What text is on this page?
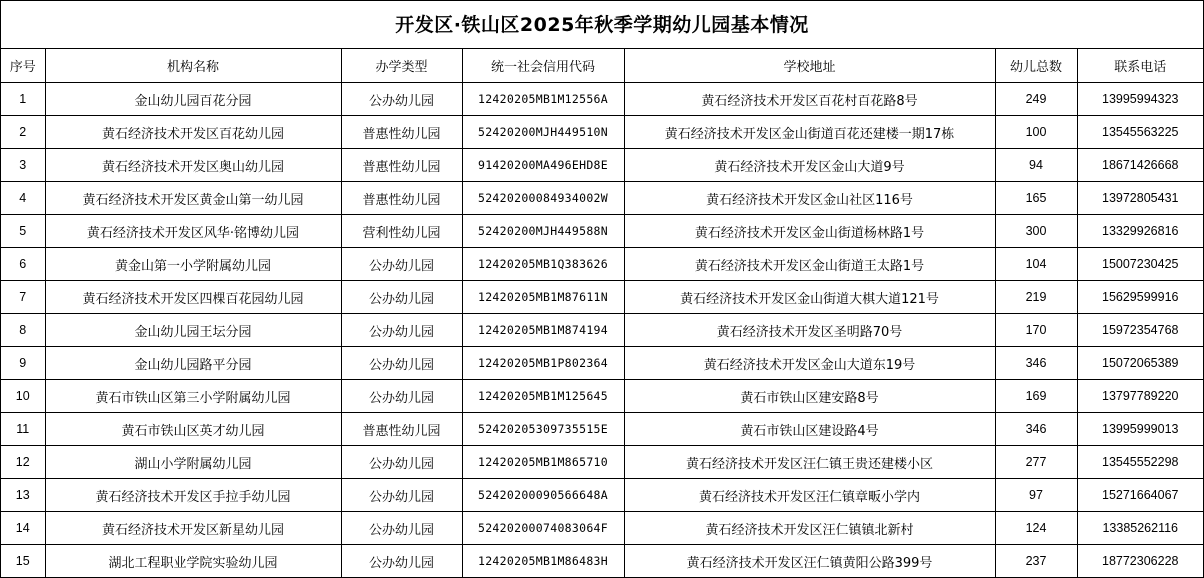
开发区·铁山区2025年秋季学期幼儿园基本情况
序号	机构名称	办学类型	统一社会信用代码	学校地址	幼儿总数	联系电话
1	金山幼儿园百花分园	公办幼儿园	12420205MB1M12556A	黄石经济技术开发区百花村百花路8号	249	13995994323
2	黄石经济技术开发区百花幼儿园	普惠性幼儿园	52420200MJH449510N	黄石经济技术开发区金山街道百花还建楼一期17栋	100	13545563225
3	黄石经济技术开发区奥山幼儿园	普惠性幼儿园	91420200MA496EHD8E	黄石经济技术开发区金山大道9号	94	18671426668
4	黄石经济技术开发区黄金山第一幼儿园	普惠性幼儿园	52420200084934002W	黄石经济技术开发区金山社区116号	165	13972805431
5	黄石经济技术开发区风华·铭博幼儿园	营利性幼儿园	52420200MJH449588N	黄石经济技术开发区金山街道杨林路1号	300	13329926816
6	黄金山第一小学附属幼儿园	公办幼儿园	12420205MB1Q383626	黄石经济技术开发区金山街道王太路1号	104	15007230425
7	黄石经济技术开发区四棵百花园幼儿园	公办幼儿园	12420205MB1M87611N	黄石经济技术开发区金山街道大棋大道121号	219	15629599916
8	金山幼儿园王坛分园	公办幼儿园	12420205MB1M874194	黄石经济技术开发区圣明路70号	170	15972354768
9	金山幼儿园路平分园	公办幼儿园	12420205MB1P802364	黄石经济技术开发区金山大道东19号	346	15072065389
10	黄石市铁山区第三小学附属幼儿园	公办幼儿园	12420205MB1M125645	黄石市铁山区建安路8号	169	13797789220
11	黄石市铁山区英才幼儿园	普惠性幼儿园	52420205309735515E	黄石市铁山区建设路4号	346	13995999013
12	湖山小学附属幼儿园	公办幼儿园	12420205MB1M865710	黄石经济技术开发区汪仁镇王贵还建楼小区	277	13545552298
13	黄石经济技术开发区手拉手幼儿园	公办幼儿园	52420200090566648A	黄石经济技术开发区汪仁镇章畈小学内	97	15271664067
14	黄石经济技术开发区新星幼儿园	公办幼儿园	52420200074083064F	黄石经济技术开发区汪仁镇镇北新村	124	13385262116
15	湖北工程职业学院实验幼儿园	公办幼儿园	12420205MB1M86483H	黄石经济技术开发区汪仁镇黄阳公路399号	237	18772306228
